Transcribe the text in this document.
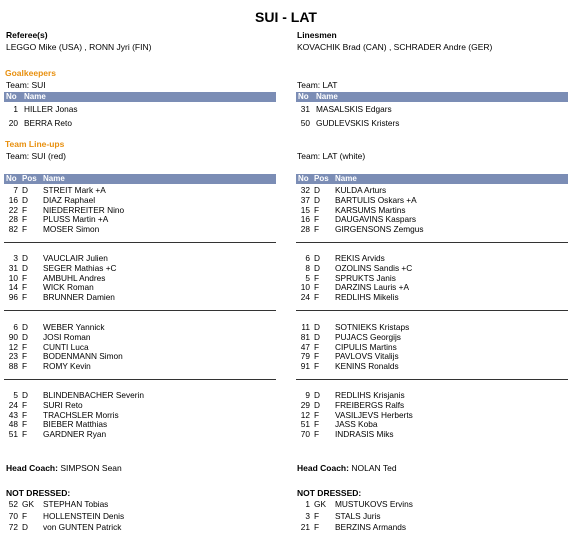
SUI - LAT
Referee(s)
LEGGO Mike (USA) , RONN Jyri (FIN)
Linesmen
KOVACHIK Brad (CAN) , SCHRADER Andre (GER)
Goalkeepers
Team: SUI	Team: LAT
No Name	No Name
1 HILLER Jonas
20 BERRA Reto
31 MASALSKIS Edgars
50 GUDLEVSKIS Kristers
Team Line-ups
Team: SUI (red)	Team: LAT (white)
No Pos Name	No Pos Name
7 D STREIT Mark +A
16 D DIAZ Raphael
22 F NIEDERREITER Nino
28 F PLUSS Martin +A
82 F MOSER Simon
3 D VAUCLAIR Julien
31 D SEGER Mathias +C
10 F AMBUHL Andres
14 F WICK Roman
96 F BRUNNER Damien
6 D WEBER Yannick
90 D JOSI Roman
12 F CUNTI Luca
23 F BODENMANN Simon
88 F ROMY Kevin
5 D BLINDENBACHER Severin
24 F SURI Reto
43 F TRACHSLER Morris
48 F BIEBER Matthias
51 F GARDNER Ryan
32 D KULDA Arturs
37 D BARTULIS Oskars +A
15 F KARSUMS Martins
16 F DAUGAVINS Kaspars
28 F GIRGENSONS Zemgus
6 D REKIS Arvids
8 D OZOLINS Sandis +C
5 F SPRUKTS Janis
10 F DARZINS Lauris +A
24 F REDLIHS Mikelis
11 D SOTNIEKS Kristaps
81 D PUJACS Georgijs
47 F CIPULIS Martins
79 F PAVLOVS Vitalijs
91 F KENINS Ronalds
9 D REDLIHS Krisjanis
29 D FREIBERGS Ralfs
12 F VASILJEVS Herberts
51 F JASS Koba
70 F INDRASIS Miks
Head Coach: SIMPSON Sean	Head Coach: NOLAN Ted
NOT DRESSED:	NOT DRESSED:
52 GK STEPHAN Tobias
70 F HOLLENSTEIN Denis
72 D von GUNTEN Patrick
1 GK MUSTUKOVS Ervins
3 F STALS Juris
21 F BERZINS Armands
